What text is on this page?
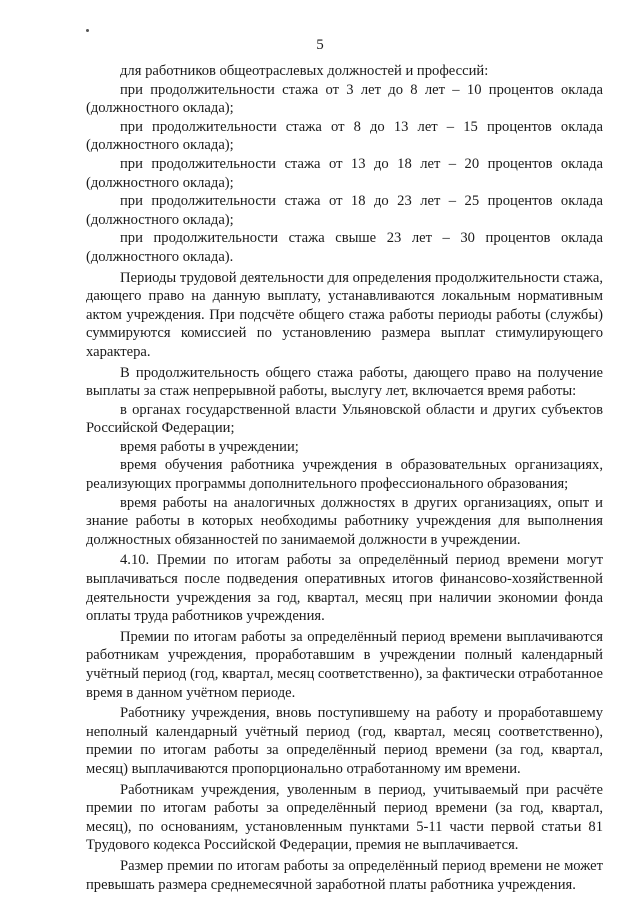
5

для работников общеотраслевых должностей и профессий:

при продолжительности стажа от 3 лет до 8 лет – 10 процентов оклада (должностного оклада);

при продолжительности стажа от 8 до 13 лет – 15 процентов оклада (должностного оклада);

при продолжительности стажа от 13 до 18 лет – 20 процентов оклада (должностного оклада);

при продолжительности стажа от 18 до 23 лет – 25 процентов оклада (должностного оклада);

при продолжительности стажа свыше 23 лет – 30 процентов оклада (должностного оклада).

Периоды трудовой деятельности для определения продолжительности стажа, дающего право на данную выплату, устанавливаются локальным нормативным актом учреждения. При подсчёте общего стажа работы периоды работы (службы) суммируются комиссией по установлению размера выплат стимулирующего характера.

В продолжительность общего стажа работы, дающего право на получение выплаты за стаж непрерывной работы, выслугу лет, включается время работы:

в органах государственной власти Ульяновской области и других субъектов Российской Федерации;

время работы в учреждении;

время обучения работника учреждения в образовательных организациях, реализующих программы дополнительного профессионального образования;

время работы на аналогичных должностях в других организациях, опыт и знание работы в которых необходимы работнику учреждения для выполнения должностных обязанностей по занимаемой должности в учреждении.

4.10. Премии по итогам работы за определённый период времени могут выплачиваться после подведения оперативных итогов финансово-хозяйственной деятельности учреждения за год, квартал, месяц при наличии экономии фонда оплаты труда работников учреждения.

Премии по итогам работы за определённый период времени выплачиваются работникам учреждения, проработавшим в учреждении полный календарный учётный период (год, квартал, месяц соответственно), за фактически отработанное время в данном учётном периоде.

Работнику учреждения, вновь поступившему на работу и проработавшему неполный календарный учётный период (год, квартал, месяц соответственно), премии по итогам работы за определённый период времени (за год, квартал, месяц) выплачиваются пропорционально отработанному им времени.

Работникам учреждения, уволенным в период, учитываемый при расчёте премии по итогам работы за определённый период времени (за год, квартал, месяц), по основаниям, установленным пунктами 5-11 части первой статьи 81 Трудового кодекса Российской Федерации, премия не выплачивается.

Размер премии по итогам работы за определённый период времени не может превышать размера среднемесячной заработной платы работника учреждения.
